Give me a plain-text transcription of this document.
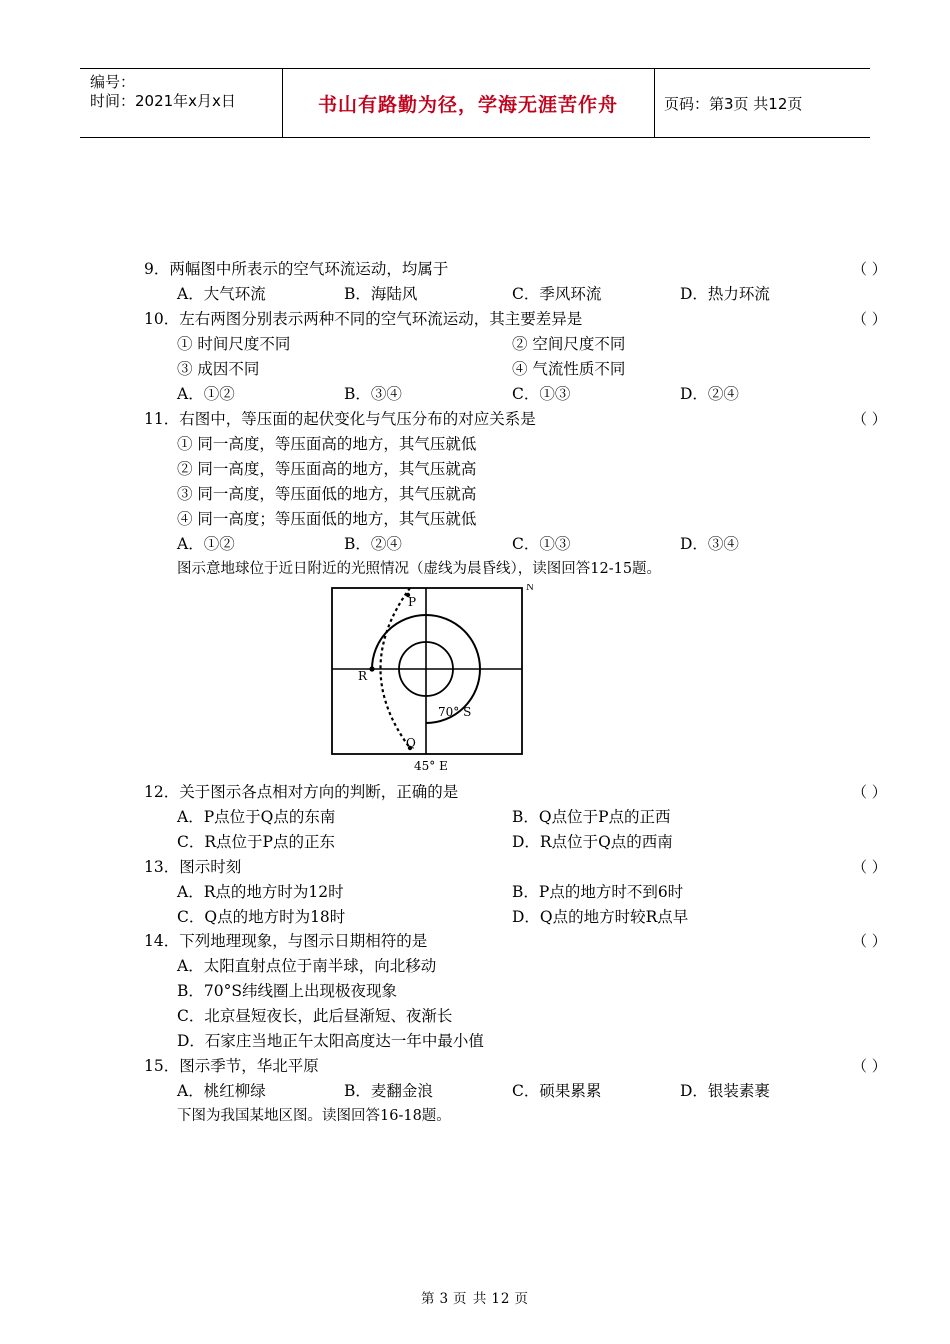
编号：
时间：2021年x月x日	书山有路勤为径，学海无涯苦作舟	页码：第3页 共12页
9．两幅图中所表示的空气环流运动，均属于	（ ）
A．大气环流	B．海陆风	C．季风环流	D．热力环流
10．左右两图分别表示两种不同的空气环流运动，其主要差异是	（ ）
① 时间尺度不同	② 空间尺度不同
③ 成因不同	④ 气流性质不同
A．①②	B．③④	C．①③	D．②④
11．右图中，等压面的起伏变化与气压分布的对应关系是	（ ）
① 同一高度，等压面高的地方，其气压就低
② 同一高度，等压面高的地方，其气压就高
③ 同一高度，等压面低的地方，其气压就高
④ 同一高度；等压面低的地方，其气压就低
A．①②	B．②④	C．①③	D．③④
图示意地球位于近日附近的光照情况（虚线为晨昏线），读图回答12-15题。
P
R
Q
70° S
45° E
N
12．关于图示各点相对方向的判断，正确的是	（ ）
A．P点位于Q点的东南	B．Q点位于P点的正西
C．R点位于P点的正东	D．R点位于Q点的西南
13．图示时刻	（ ）
A．R点的地方时为12时	B．P点的地方时不到6时
C．Q点的地方时为18时	D．Q点的地方时较R点早
14．下列地理现象，与图示日期相符的是	（ ）
A．太阳直射点位于南半球，向北移动
B．70°S纬线圈上出现极夜现象
C．北京昼短夜长，此后昼渐短、夜渐长
D．石家庄当地正午太阳高度达一年中最小值
15．图示季节，华北平原	（ ）
A．桃红柳绿	B．麦翻金浪	C．硕果累累	D．银装素裹
下图为我国某地区图。读图回答16-18题。
第 3 页 共 12 页
